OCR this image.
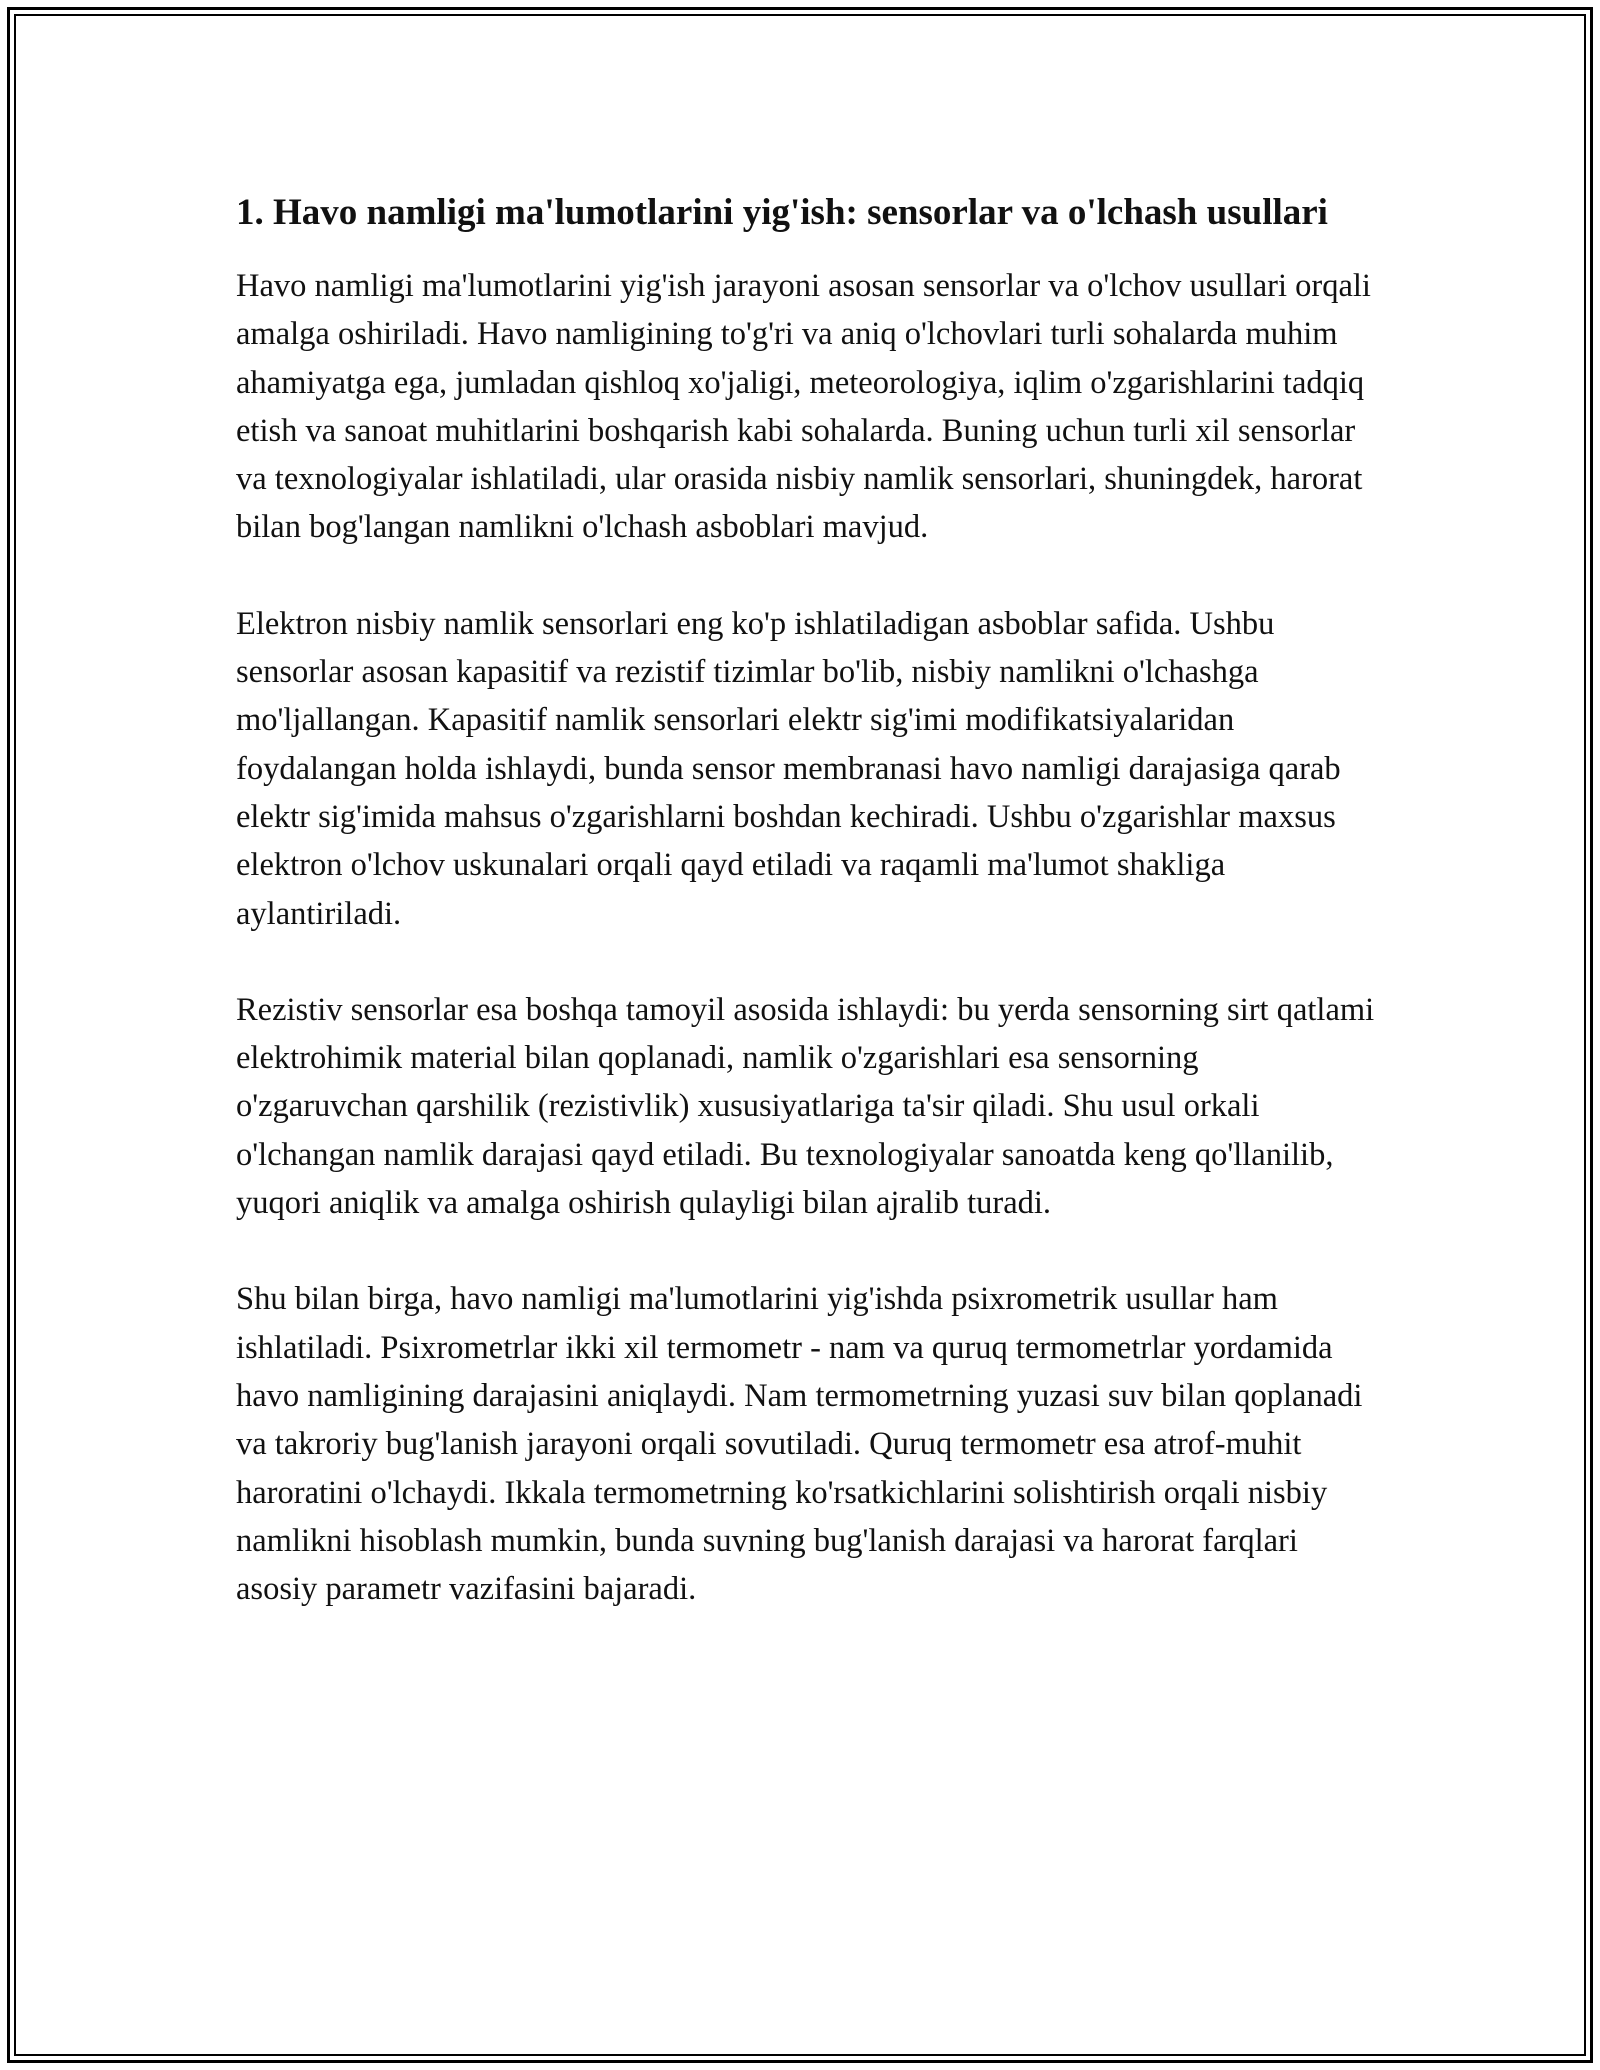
1. Havo namligi ma'lumotlarini yig'ish: sensorlar va o'lchash usullari

Havo namligi ma'lumotlarini yig'ish jarayoni asosan sensorlar va o'lchov usullari orqali amalga oshiriladi. Havo namligining to'g'ri va aniq o'lchovlari turli sohalarda muhim ahamiyatga ega, jumladan qishloq xo'jaligi, meteorologiya, iqlim o'zgarishlarini tadqiq etish va sanoat muhitlarini boshqarish kabi sohalarda. Buning uchun turli xil sensorlar va texnologiyalar ishlatiladi, ular orasida nisbiy namlik sensorlari, shuningdek, harorat bilan bog'langan namlikni o'lchash asboblari mavjud.

Elektron nisbiy namlik sensorlari eng ko'p ishlatiladigan asboblar safida. Ushbu sensorlar asosan kapasitif va rezistif tizimlar bo'lib, nisbiy namlikni o'lchashga mo'ljallangan. Kapasitif namlik sensorlari elektr sig'imi modifikatsiyalaridan foydalangan holda ishlaydi, bunda sensor membranasi havo namligi darajasiga qarab elektr sig'imida mahsus o'zgarishlarni boshdan kechiradi. Ushbu o'zgarishlar maxsus elektron o'lchov uskunalari orqali qayd etiladi va raqamli ma'lumot shakliga aylantiriladi.

Rezistiv sensorlar esa boshqa tamoyil asosida ishlaydi: bu yerda sensorning sirt qatlami elektrohimik material bilan qoplanadi, namlik o'zgarishlari esa sensorning o'zgaruvchan qarshilik (rezistivlik) xususiyatlariga ta'sir qiladi. Shu usul orkali o'lchangan namlik darajasi qayd etiladi. Bu texnologiyalar sanoatda keng qo'llanilib, yuqori aniqlik va amalga oshirish qulayligi bilan ajralib turadi.

Shu bilan birga, havo namligi ma'lumotlarini yig'ishda psixrometrik usullar ham ishlatiladi. Psixrometrlar ikki xil termometr - nam va quruq termometrlar yordamida havo namligining darajasini aniqlaydi. Nam termometrning yuzasi suv bilan qoplanadi va takroriy bug'lanish jarayoni orqali sovutiladi. Quruq termometr esa atrof-muhit haroratini o'lchaydi. Ikkala termometrning ko'rsatkichlarini solishtirish orqali nisbiy namlikni hisoblash mumkin, bunda suvning bug'lanish darajasi va harorat farqlari asosiy parametr vazifasini bajaradi.
